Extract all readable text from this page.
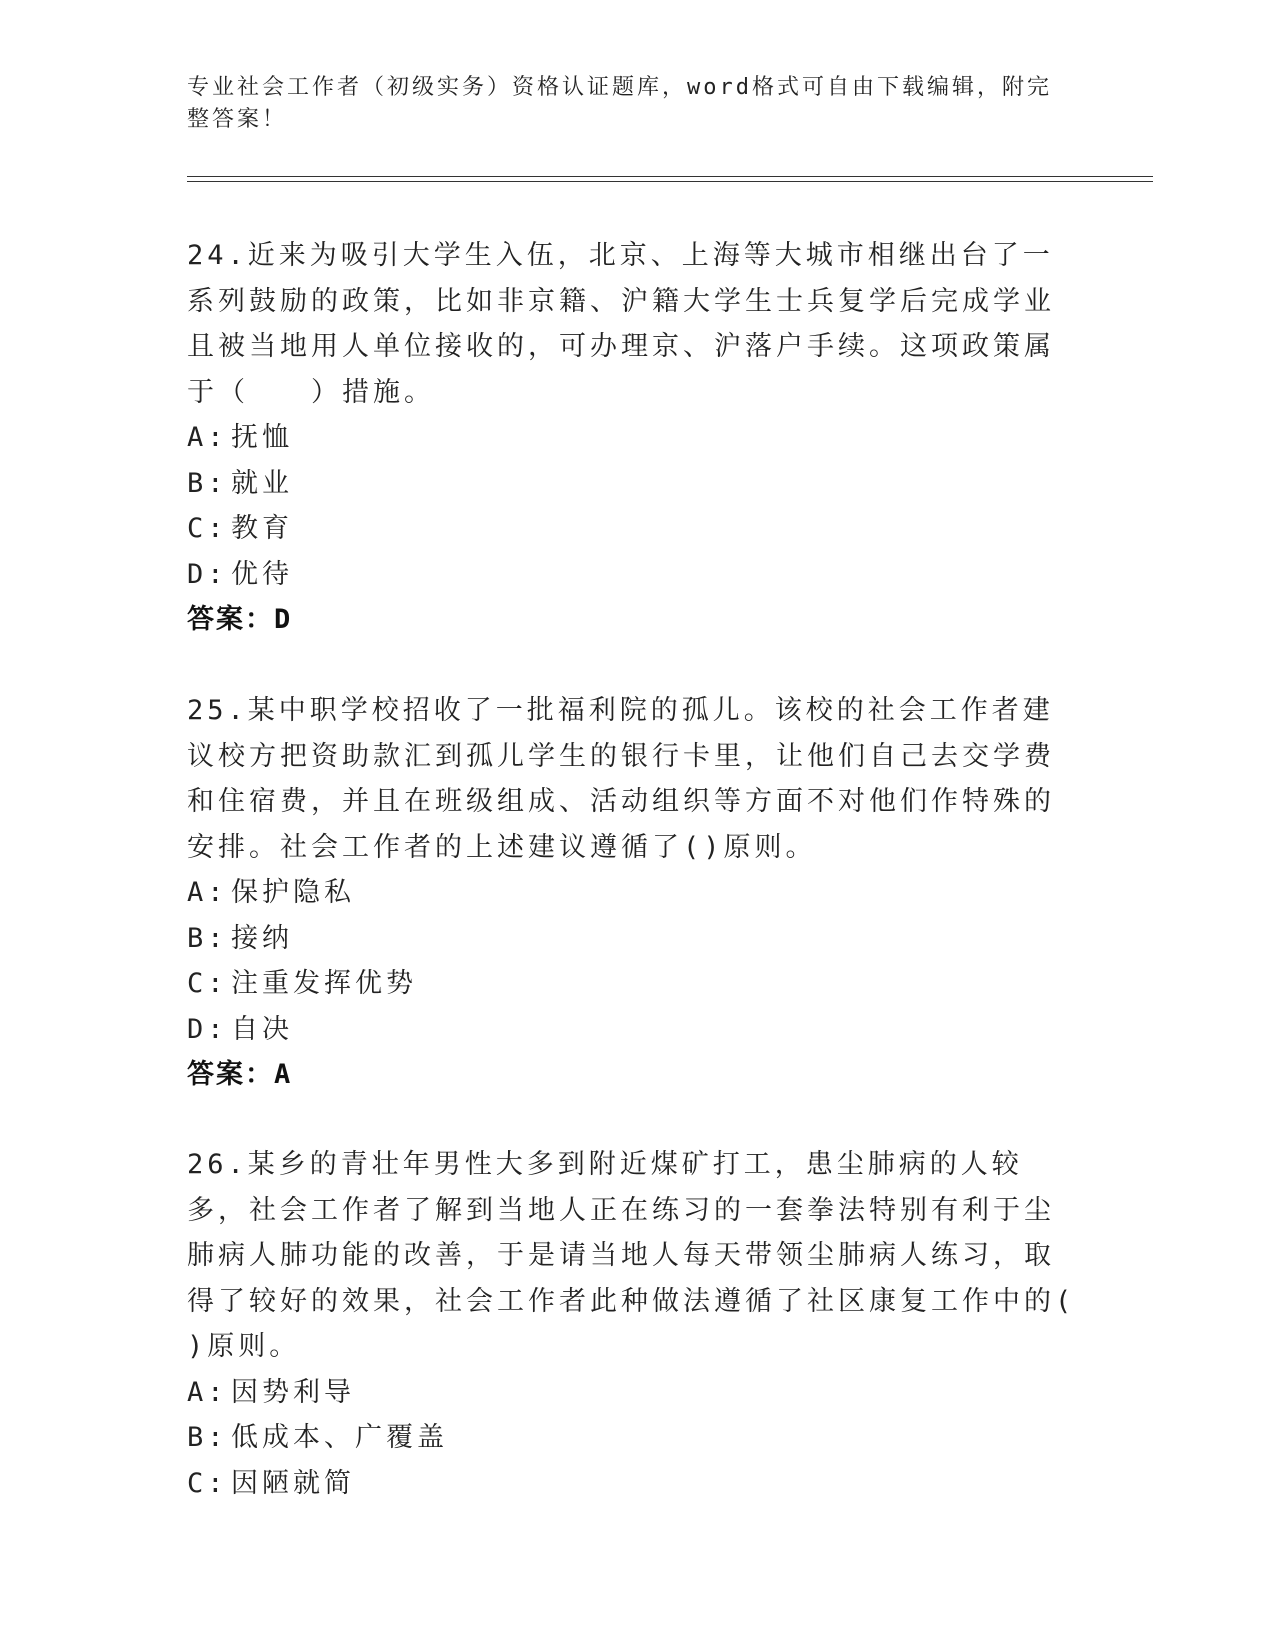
专业社会工作者（初级实务）资格认证题库，word格式可自由下载编辑，附完整答案！

24.近来为吸引大学生入伍，北京、上海等大城市相继出台了一系列鼓励的政策，比如非京籍、沪籍大学生士兵复学后完成学业且被当地用人单位接收的，可办理京、沪落户手续。这项政策属于（　　）措施。

A: 抚恤

B: 就业

C: 教育

D: 优待

答案：D

25.某中职学校招收了一批福利院的孤儿。该校的社会工作者建议校方把资助款汇到孤儿学生的银行卡里，让他们自己去交学费和住宿费，并且在班级组成、活动组织等方面不对他们作特殊的安排。社会工作者的上述建议遵循了()原则。

A: 保护隐私

B: 接纳

C: 注重发挥优势

D: 自决

答案：A

26.某乡的青壮年男性大多到附近煤矿打工，患尘肺病的人较多，社会工作者了解到当地人正在练习的一套拳法特别有利于尘肺病人肺功能的改善，于是请当地人每天带领尘肺病人练习，取得了较好的效果，社会工作者此种做法遵循了社区康复工作中的( )原则。

A: 因势利导

B: 低成本、广覆盖

C: 因陋就简
